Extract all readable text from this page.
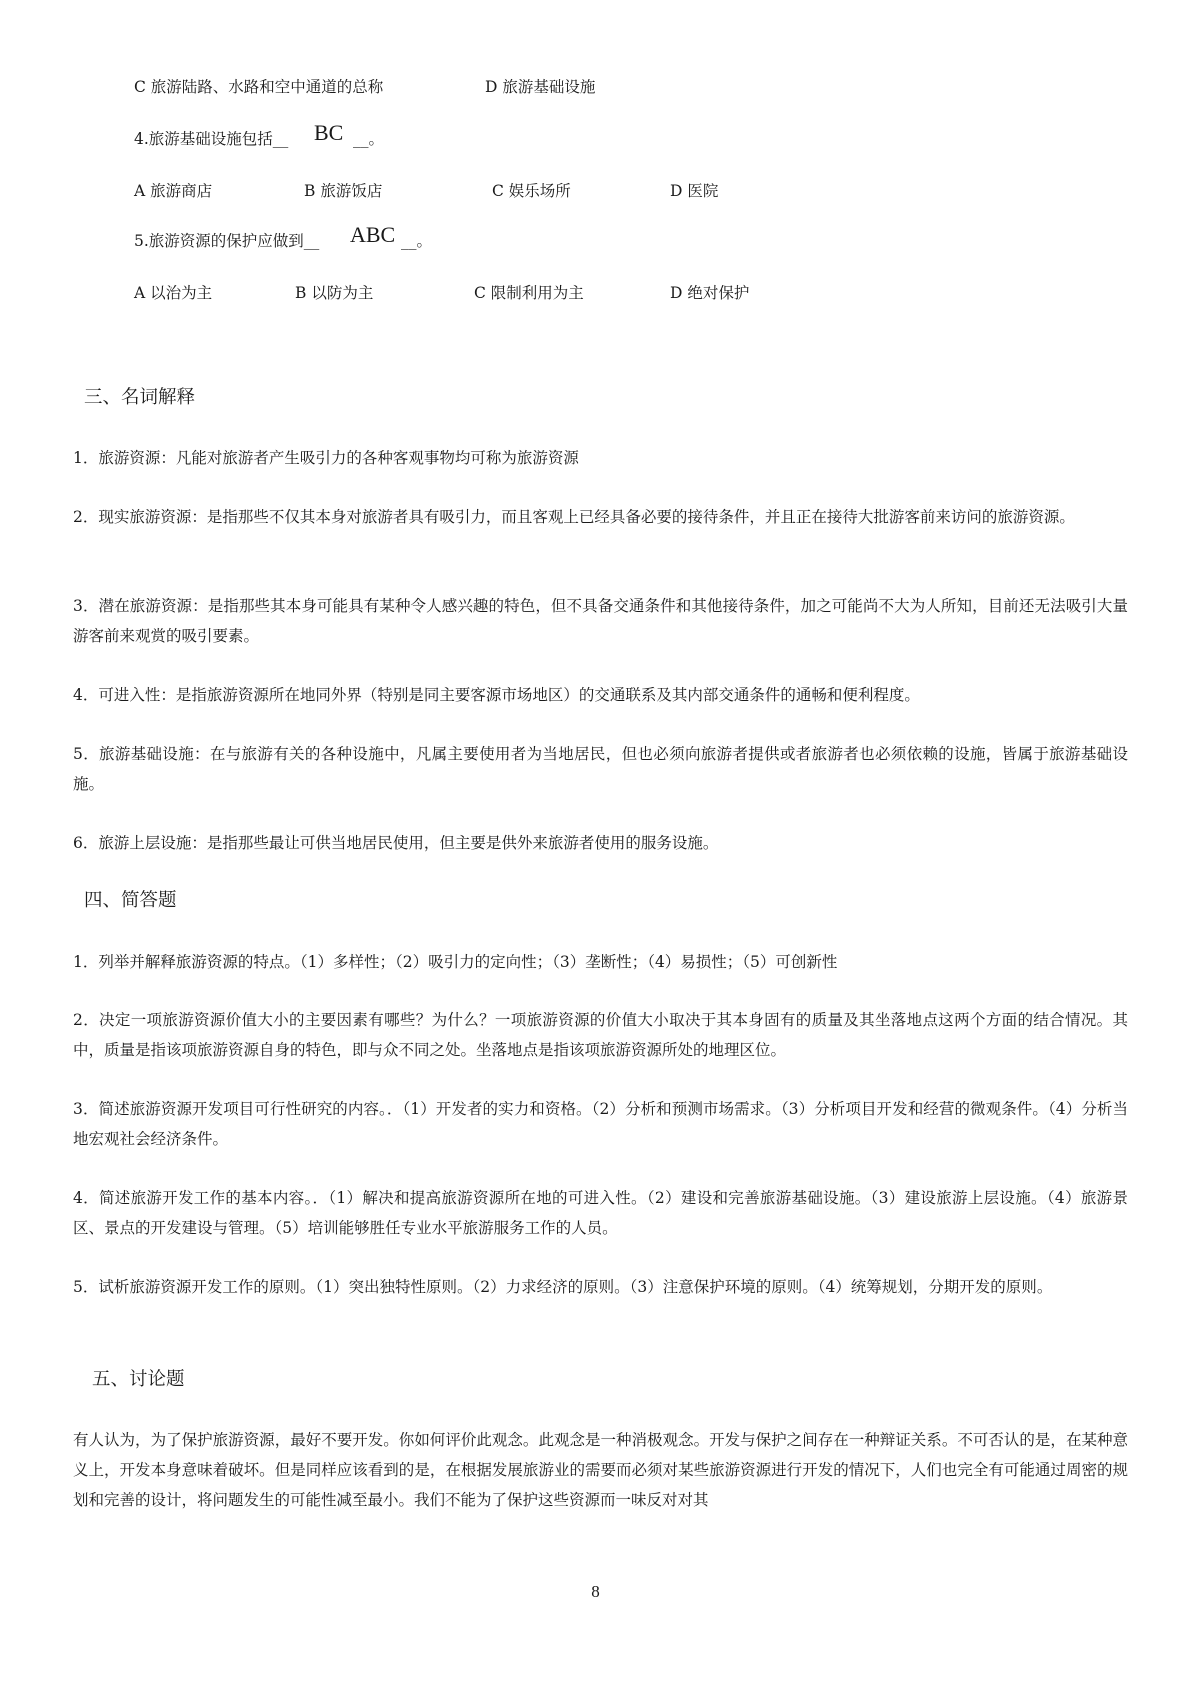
C 旅游陆路、水路和空中通道的总称	D 旅游基础设施
4.旅游基础设施包括__ BC __。
A 旅游商店	B 旅游饭店	C 娱乐场所	D 医院
5.旅游资源的保护应做到__ ABC __。
A 以治为主	B 以防为主	C 限制利用为主	D 绝对保护
三、名词解释
1．旅游资源：凡能对旅游者产生吸引力的各种客观事物均可称为旅游资源
2．现实旅游资源：是指那些不仅其本身对旅游者具有吸引力，而且客观上已经具备必要的接待条件，并且正在接待大批游客前来访问的旅游资源。
3．潜在旅游资源：是指那些其本身可能具有某种令人感兴趣的特色，但不具备交通条件和其他接待条件，加之可能尚不大为人所知，目前还无法吸引大量游客前来观赏的吸引要素。
4．可进入性：是指旅游资源所在地同外界（特别是同主要客源市场地区）的交通联系及其内部交通条件的通畅和便利程度。
5．旅游基础设施：在与旅游有关的各种设施中，凡属主要使用者为当地居民，但也必须向旅游者提供或者旅游者也必须依赖的设施，皆属于旅游基础设施。
6．旅游上层设施：是指那些最让可供当地居民使用，但主要是供外来旅游者使用的服务设施。
四、简答题
1．列举并解释旅游资源的特点。（1）多样性；（2）吸引力的定向性；（3）垄断性；（4）易损性；（5）可创新性
2．决定一项旅游资源价值大小的主要因素有哪些？为什么？一项旅游资源的价值大小取决于其本身固有的质量及其坐落地点这两个方面的结合情况。其中，质量是指该项旅游资源自身的特色，即与众不同之处。坐落地点是指该项旅游资源所处的地理区位。
3．简述旅游资源开发项目可行性研究的内容。．（1）开发者的实力和资格。（2）分析和预测市场需求。（3）分析项目开发和经营的微观条件。（4）分析当地宏观社会经济条件。
4．简述旅游开发工作的基本内容。．（1）解决和提高旅游资源所在地的可进入性。（2）建设和完善旅游基础设施。（3）建设旅游上层设施。（4）旅游景区、景点的开发建设与管理。（5）培训能够胜任专业水平旅游服务工作的人员。
5．试析旅游资源开发工作的原则。（1）突出独特性原则。（2）力求经济的原则。（3）注意保护环境的原则。（4）统筹规划，分期开发的原则。
五、讨论题
有人认为，为了保护旅游资源，最好不要开发。你如何评价此观念。此观念是一种消极观念。开发与保护之间存在一种辩证关系。不可否认的是，在某种意义上，开发本身意味着破坏。但是同样应该看到的是，在根据发展旅游业的需要而必须对某些旅游资源进行开发的情况下，人们也完全有可能通过周密的规划和完善的设计，将问题发生的可能性减至最小。我们不能为了保护这些资源而一味反对对其
8
